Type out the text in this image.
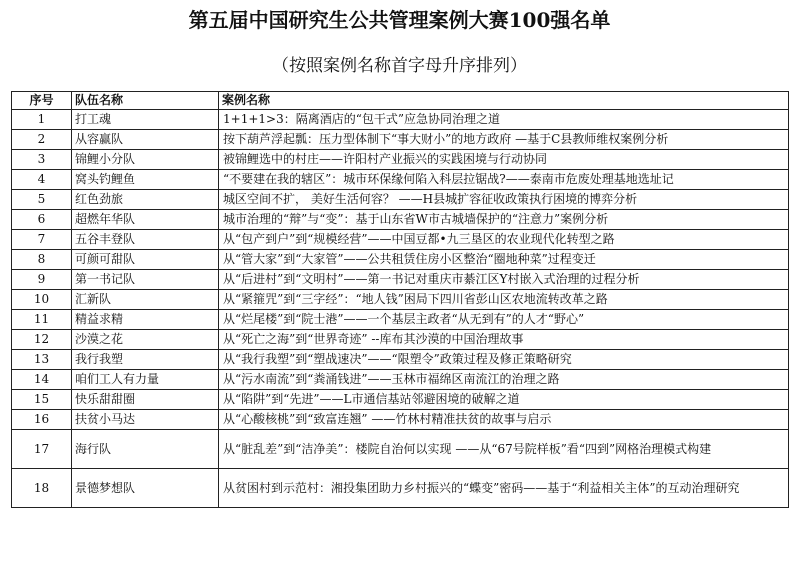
第五届中国研究生公共管理案例大赛100强名单

（按照案例名称首字母升序排列）

序号	队伍名称	案例名称
1	打工魂	1+1+1>3：隔离酒店的“包干式”应急协同治理之道
2	从容赢队	按下葫芦浮起瓢：压力型体制下“事大财小”的地方政府 —基于C县教师维权案例分析
3	锦鲤小分队	被锦鲤选中的村庄——许阳村产业振兴的实践困境与行动协同
4	窝头钓鲤鱼	“不要建在我的辖区”：城市环保缘何陷入科层拉锯战?——泰南市危废处理基地选址记
5	红色劲旅	城区空间不扩， 美好生活何容？ ——H县城扩容征收政策执行困境的博弈分析
6	超燃年华队	城市治理的“辩”与“变”：基于山东省W市古城墙保护的“注意力”案例分析
7	五谷丰登队	从“包产到户”到“规模经营”——中国豆都•九三垦区的农业现代化转型之路
8	可颜可甜队	从“管大家”到“大家管”——公共租赁住房小区整治“圈地种菜”过程变迁
9	第一书记队	从“后进村”到“文明村”——第一书记对重庆市綦江区Y村嵌入式治理的过程分析
10	汇新队	从“紧箍咒”到“三字经”：“地人钱”困局下四川省彭山区农地流转改革之路
11	精益求精	从“烂尾楼”到“院士港”——一个基层主政者“从无到有”的人才“野心”
12	沙漠之花	从“死亡之海”到“世界奇迹” --库布其沙漠的中国治理故事
13	我行我塑	从“我行我塑”到“塑战速决”——“限塑令”政策过程及修正策略研究
14	咱们工人有力量	从“污水南流”到“粪涌钱进”——玉林市福绵区南流江的治理之路
15	快乐甜甜圈	从“陷阱”到“先进”——L市通信基站邻避困境的破解之道
16	扶贫小马达	从“心酸核桃”到“致富连翘” ——竹林村精准扶贫的故事与启示
17	海行队	从“脏乱差”到“洁净美”：楼院自治何以实现 ——从“67号院样板”看“四到”网格治理模式构建
18	景德梦想队	从贫困村到示范村：湘投集团助力乡村振兴的“蝶变”密码——基于“利益相关主体”的互动治理研究
